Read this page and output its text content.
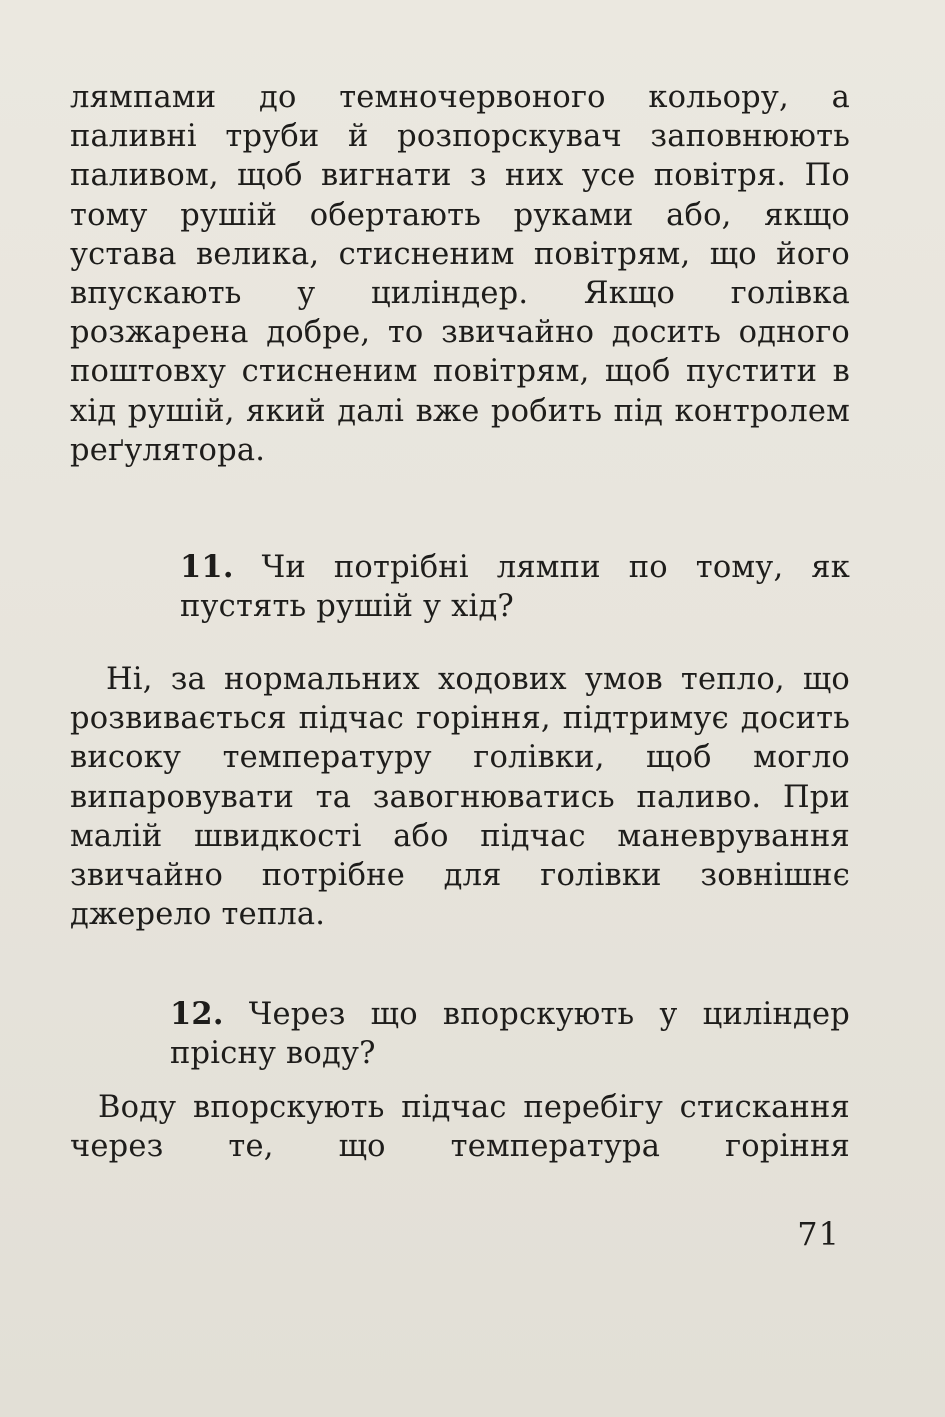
лямпами до темночервоного кольору, а паливні труби й розпорскувач заповнюють паливом, щоб вигнати з них усе повітря. По тому рушій обертають руками або, якщо устава велика, стисненим повітрям, що його впускають у циліндер. Якщо голівка розжарена добре, то звичайно досить одного поштовху стисненим повітрям, щоб пустити в хід рушій, який далі вже робить під контролем реґулятора.
11. Чи потрібні лямпи по тому, як пустять рушій у хід?
Ні, за нормальних ходових умов тепло, що розвивається підчас горіння, підтримує досить високу температуру голівки, щоб могло випаровувати та завогнюватись паливо. При малій швидкості або підчас маневрування звичайно потрібне для голівки зовнішнє джерело тепла.
12. Через що впорскують у циліндер прісну воду?
Воду впорскують підчас перебігу стискання через те, що температура горіння
71
